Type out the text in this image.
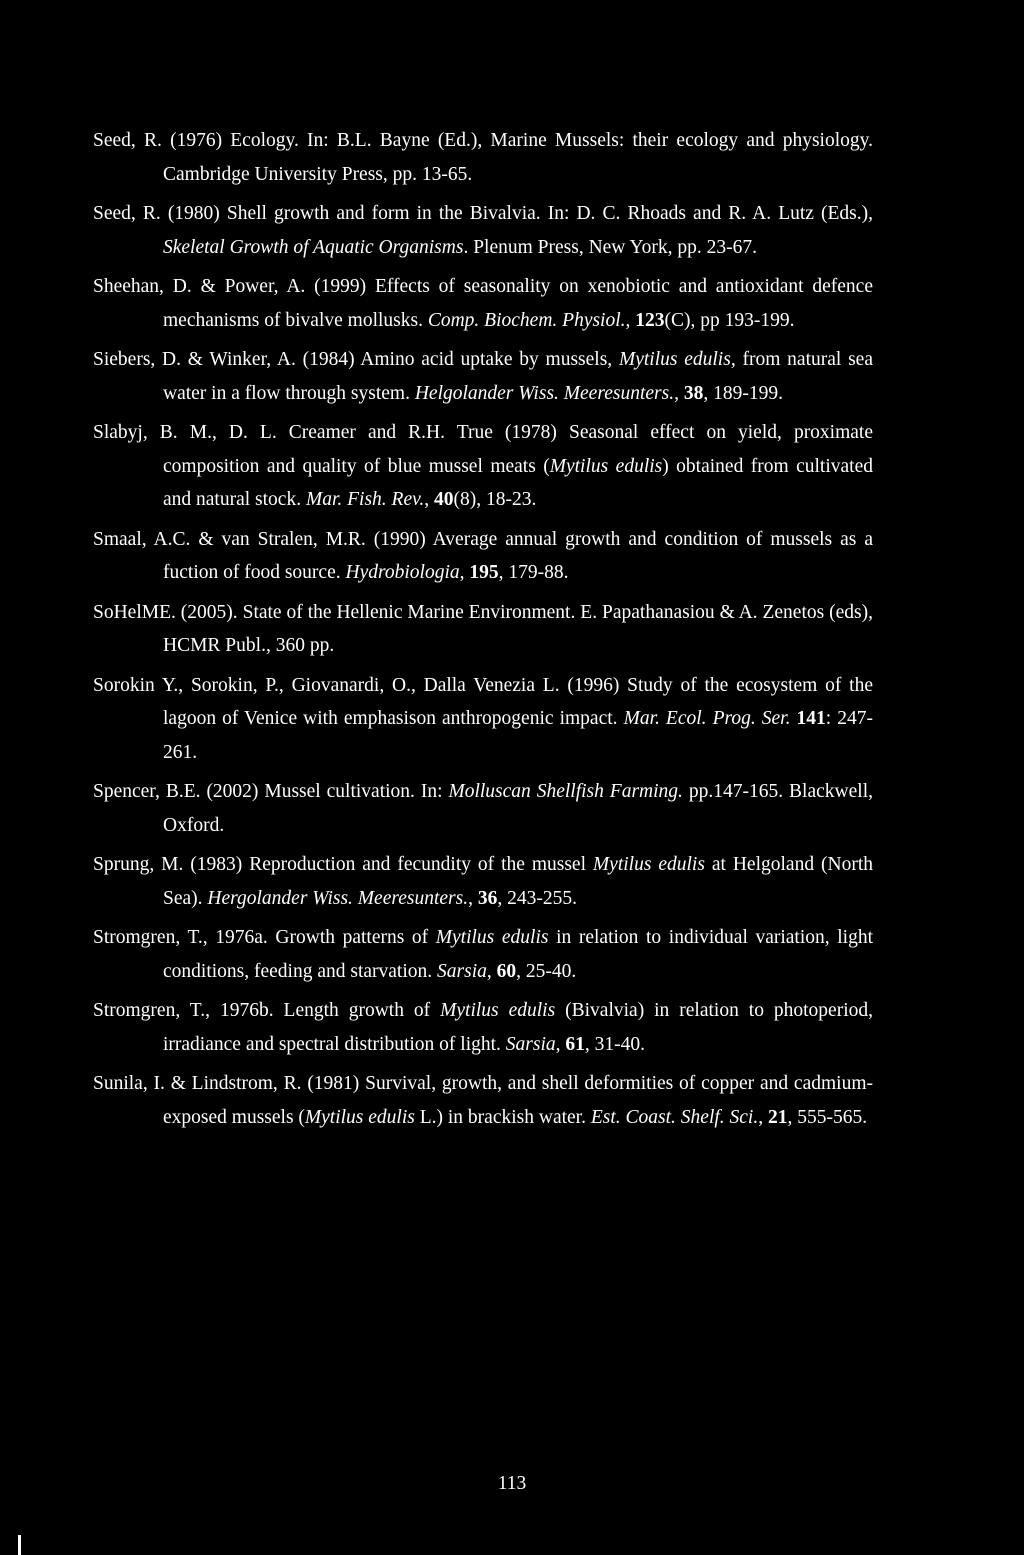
Seed, R. (1976) Ecology. In: B.L. Bayne (Ed.), Marine Mussels: their ecology and physiology. Cambridge University Press, pp. 13-65.

Seed, R. (1980) Shell growth and form in the Bivalvia. In: D. C. Rhoads and R. A. Lutz (Eds.), Skeletal Growth of Aquatic Organisms. Plenum Press, New York, pp. 23-67.

Sheehan, D. & Power, A. (1999) Effects of seasonality on xenobiotic and antioxidant defence mechanisms of bivalve mollusks. Comp. Biochem. Physiol., 123(C), pp 193-199.

Siebers, D. & Winker, A. (1984) Amino acid uptake by mussels, Mytilus edulis, from natural sea water in a flow through system. Helgolander Wiss. Meeresunters., 38, 189-199.

Slabyj, B. M., D. L. Creamer and R.H. True (1978) Seasonal effect on yield, proximate composition and quality of blue mussel meats (Mytilus edulis) obtained from cultivated and natural stock. Mar. Fish. Rev., 40(8), 18-23.

Smaal, A.C. & van Stralen, M.R. (1990) Average annual growth and condition of mussels as a fuction of food source. Hydrobiologia, 195, 179-88.

SoHelME. (2005). State of the Hellenic Marine Environment. E. Papathanasiou & A. Zenetos (eds), HCMR Publ., 360 pp.

Sorokin Y., Sorokin, P., Giovanardi, O., Dalla Venezia L. (1996) Study of the ecosystem of the lagoon of Venice with emphasison anthropogenic impact. Mar. Ecol. Prog. Ser. 141: 247-261.

Spencer, B.E. (2002) Mussel cultivation. In: Molluscan Shellfish Farming. pp.147-165. Blackwell, Oxford.

Sprung, M. (1983) Reproduction and fecundity of the mussel Mytilus edulis at Helgoland (North Sea). Hergolander Wiss. Meeresunters., 36, 243-255.

Stromgren, T., 1976a. Growth patterns of Mytilus edulis in relation to individual variation, light conditions, feeding and starvation. Sarsia, 60, 25-40.

Stromgren, T., 1976b. Length growth of Mytilus edulis (Bivalvia) in relation to photoperiod, irradiance and spectral distribution of light. Sarsia, 61, 31-40.

Sunila, I. & Lindstrom, R. (1981) Survival, growth, and shell deformities of copper and cadmium-exposed mussels (Mytilus edulis L.) in brackish water. Est. Coast. Shelf. Sci., 21, 555-565.

113
